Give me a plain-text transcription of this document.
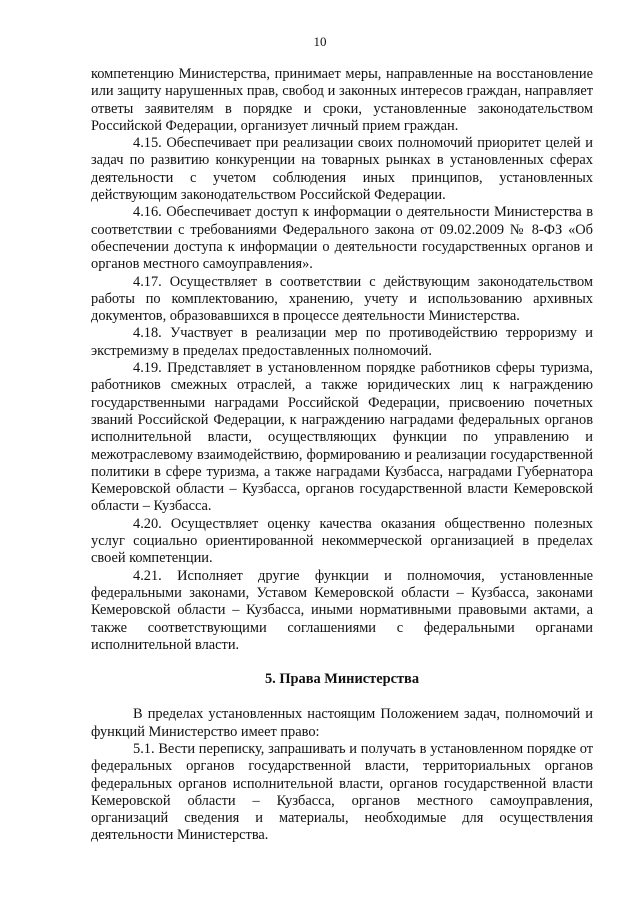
10

компетенцию Министерства, принимает меры, направленные на восстановление или защиту нарушенных прав, свобод и законных интересов граждан, направляет ответы заявителям в порядке и сроки, установленные законодательством Российской Федерации, организует личный прием граждан.

4.15. Обеспечивает при реализации своих полномочий приоритет целей и задач по развитию конкуренции на товарных рынках в установленных сферах деятельности с учетом соблюдения иных принципов, установленных действующим законодательством Российской Федерации.

4.16. Обеспечивает доступ к информации о деятельности Министерства в соответствии с требованиями Федерального закона от 09.02.2009 № 8-ФЗ «Об обеспечении доступа к информации о деятельности государственных органов и органов местного самоуправления».

4.17. Осуществляет в соответствии с действующим законодательством работы по комплектованию, хранению, учету и использованию архивных документов, образовавшихся в процессе деятельности Министерства.

4.18. Участвует в реализации мер по противодействию терроризму и экстремизму в пределах предоставленных полномочий.

4.19. Представляет в установленном порядке работников сферы туризма, работников смежных отраслей, а также юридических лиц к награждению государственными наградами Российской Федерации, присвоению почетных званий Российской Федерации, к награждению наградами федеральных органов исполнительной власти, осуществляющих функции по управлению и межотраслевому взаимодействию, формированию и реализации государственной политики в сфере туризма, а также наградами Кузбасса, наградами Губернатора Кемеровской области – Кузбасса, органов государственной власти Кемеровской области – Кузбасса.

4.20. Осуществляет оценку качества оказания общественно полезных услуг социально ориентированной некоммерческой организацией в пределах своей компетенции.

4.21. Исполняет другие функции и полномочия, установленные федеральными законами, Уставом Кемеровской области – Кузбасса, законами Кемеровской области – Кузбасса, иными нормативными правовыми актами, а также соответствующими соглашениями с федеральными органами исполнительной власти.

5. Права Министерства

В пределах установленных настоящим Положением задач, полномочий и функций Министерство имеет право:

5.1. Вести переписку, запрашивать и получать в установленном порядке от федеральных органов государственной власти, территориальных органов федеральных органов исполнительной власти, органов государственной власти Кемеровской области – Кузбасса, органов местного самоуправления, организаций сведения и материалы, необходимые для осуществления деятельности Министерства.
